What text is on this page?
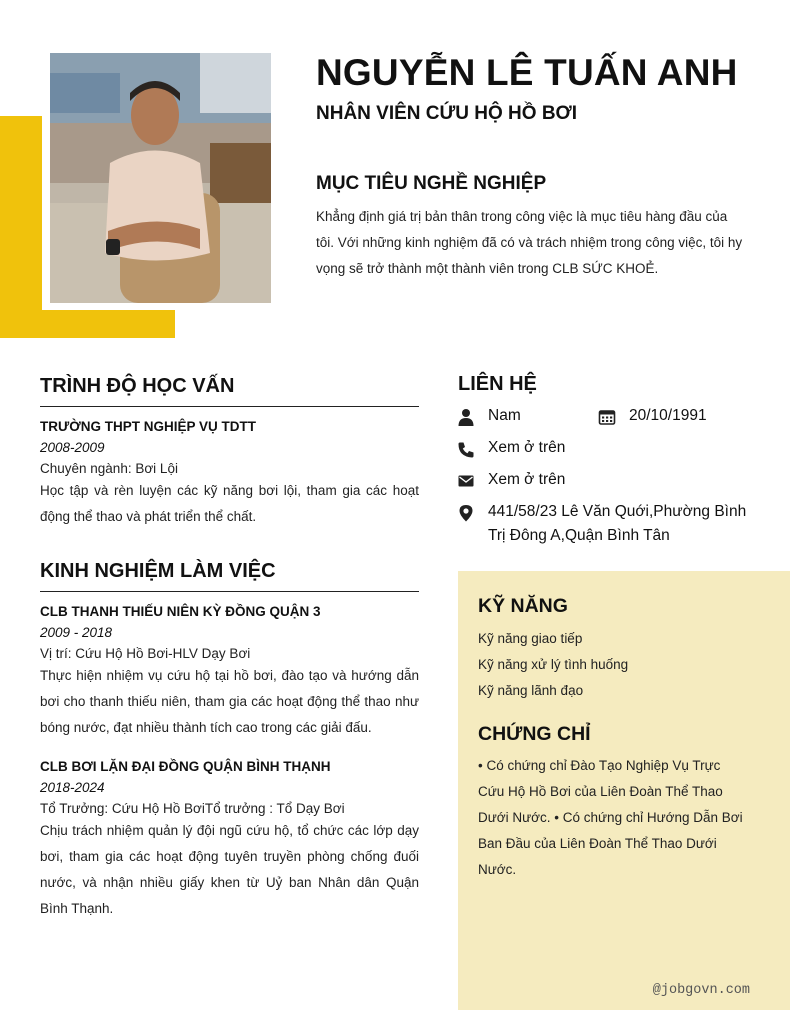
NGUYỄN LÊ TUẤN ANH
NHÂN VIÊN CỨU HỘ HỒ BƠI
MỤC TIÊU NGHỀ NGHIỆP
Khẳng định giá trị bản thân trong công việc là mục tiêu hàng đầu của tôi. Với những kinh nghiệm đã có và trách nhiệm trong công việc, tôi hy vọng sẽ trở thành một thành viên trong CLB SỨC KHOẺ.
TRÌNH ĐỘ HỌC VẤN
TRƯỜNG THPT NGHIỆP VỤ TDTT
2008-2009
Chuyên ngành: Bơi Lội
Học tập và rèn luyện các kỹ năng bơi lội, tham gia các hoạt động thể thao và phát triển thể chất.
KINH NGHIỆM LÀM VIỆC
CLB THANH THIẾU NIÊN KỲ ĐỒNG QUẬN 3
2009 - 2018
Vị trí: Cứu Hộ Hồ Bơi-HLV Dạy Bơi
Thực hiện nhiệm vụ cứu hộ tại hồ bơi, đào tạo và hướng dẫn bơi cho thanh thiếu niên, tham gia các hoạt động thể thao như bóng nước, đạt nhiều thành tích cao trong các giải đấu.
CLB BƠI LẶN ĐẠI ĐỒNG QUẬN BÌNH THẠNH
2018-2024
Tổ Trưởng: Cứu Hộ Hồ BơiTổ trưởng : Tổ Dạy Bơi
Chịu trách nhiệm quản lý đội ngũ cứu hộ, tổ chức các lớp dạy bơi, tham gia các hoạt động tuyên truyền phòng chống đuối nước, và nhận nhiều giấy khen từ Uỷ ban Nhân dân Quận Bình Thạnh.
LIÊN HỆ
Nam	20/10/1991
Xem ở trên
Xem ở trên
441/58/23 Lê Văn Quới,Phường Bình Trị Đông A,Quận Bình Tân
KỸ NĂNG
Kỹ năng giao tiếp
Kỹ năng xử lý tình huống
Kỹ năng lãnh đạo
CHỨNG CHỈ
• Có chứng chỉ Đào Tạo Nghiệp Vụ Trực Cứu Hộ Hồ Bơi của Liên Đoàn Thể Thao Dưới Nước. • Có chứng chỉ Hướng Dẫn Bơi Ban Đầu của Liên Đoàn Thể Thao Dưới Nước.
@jobgovn.com
